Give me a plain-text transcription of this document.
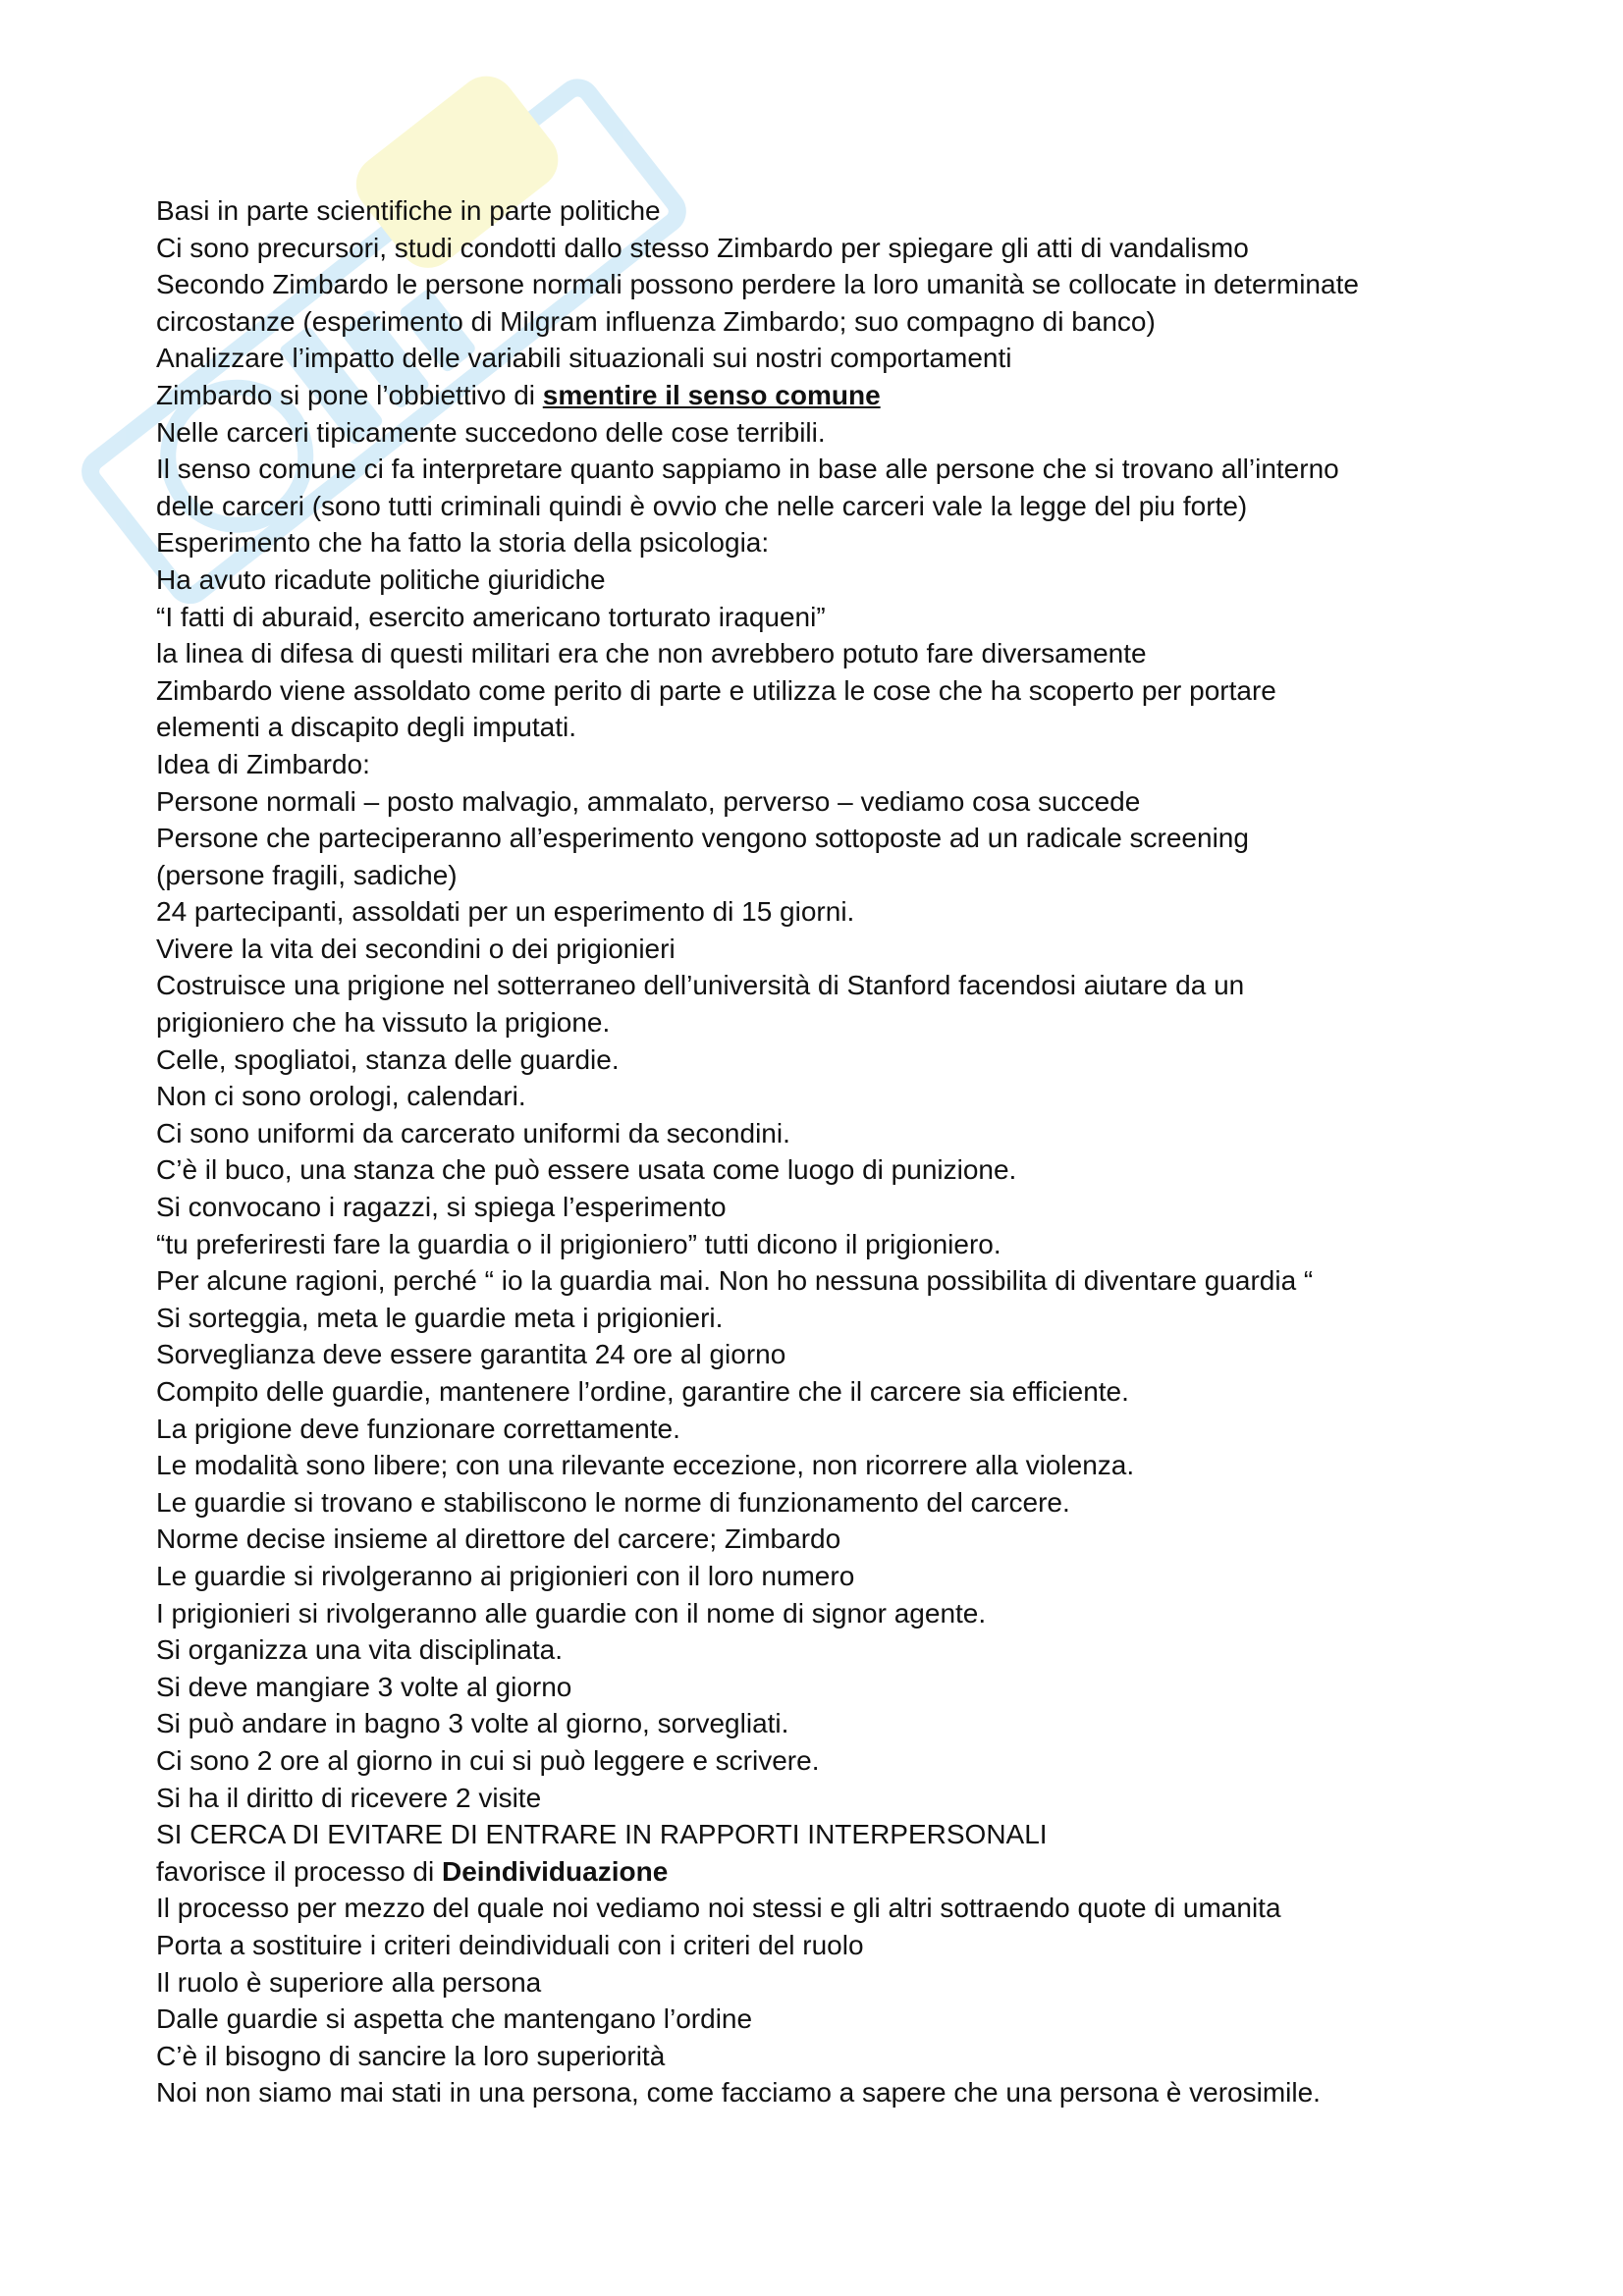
Basi in parte scientifiche in parte politiche

Ci sono precursori, studi condotti dallo stesso Zimbardo per spiegare gli atti di vandalismo

Secondo Zimbardo le persone normali possono perdere la loro umanità se collocate in determinate

circostanze (esperimento di Milgram influenza Zimbardo; suo compagno di banco)

Analizzare l’impatto delle variabili situazionali sui nostri comportamenti

Zimbardo si pone l’obbiettivo di smentire il senso comune

Nelle carceri tipicamente succedono delle cose terribili.

Il senso comune ci fa interpretare quanto sappiamo in base alle persone che si trovano all’interno

delle carceri (sono tutti criminali quindi è ovvio che nelle carceri vale la legge del piu forte)

Esperimento che ha fatto la storia della psicologia:

Ha avuto ricadute politiche giuridiche

“I fatti di aburaid, esercito americano torturato iraqueni”

la linea di difesa di questi militari era che non avrebbero potuto fare diversamente

Zimbardo viene assoldato come perito di parte e utilizza le cose che ha scoperto per portare

elementi a discapito degli imputati.

Idea di Zimbardo:

Persone normali – posto malvagio, ammalato, perverso – vediamo cosa succede

Persone che parteciperanno all’esperimento vengono sottoposte ad un radicale screening

(persone fragili, sadiche)

24 partecipanti, assoldati per un esperimento di 15 giorni.

Vivere la vita dei secondini o dei prigionieri

Costruisce una prigione nel sotterraneo dell’università di Stanford facendosi aiutare da un

prigioniero che ha vissuto la prigione.

Celle, spogliatoi, stanza delle guardie.

Non ci sono orologi, calendari.

Ci sono uniformi da carcerato uniformi da secondini.

C’è il buco, una stanza che può essere usata come luogo di punizione.

Si convocano i ragazzi, si spiega l’esperimento

“tu preferiresti fare la guardia o il prigioniero” tutti dicono il prigioniero.

Per alcune ragioni, perché “ io la guardia mai. Non ho nessuna possibilita di diventare guardia “

Si sorteggia, meta le guardie meta i prigionieri.

Sorveglianza deve essere garantita 24 ore al giorno

Compito delle guardie, mantenere l’ordine, garantire che il carcere sia efficiente.

La prigione deve funzionare correttamente.

Le modalità sono libere; con una rilevante eccezione, non ricorrere alla violenza.

Le guardie si trovano e stabiliscono le norme di funzionamento del carcere.

Norme decise insieme al direttore del carcere; Zimbardo

Le guardie si rivolgeranno ai prigionieri con il loro numero

I prigionieri si rivolgeranno alle guardie con il nome di signor agente.

Si organizza una vita disciplinata.

Si deve mangiare 3 volte al giorno

Si può andare in bagno 3 volte al giorno, sorvegliati.

Ci sono 2 ore al giorno in cui si può leggere e scrivere.

Si ha il diritto di ricevere 2 visite

SI CERCA DI EVITARE DI ENTRARE IN RAPPORTI INTERPERSONALI

favorisce il processo di Deindividuazione

Il processo per mezzo del quale noi vediamo noi stessi e gli altri sottraendo quote di umanita

Porta a sostituire i criteri deindividuali con i criteri del ruolo

Il ruolo è superiore alla persona

Dalle guardie si aspetta che mantengano l’ordine

C’è il bisogno di sancire la loro superiorità

Noi non siamo mai stati in una persona, come facciamo a sapere che una persona è verosimile.
